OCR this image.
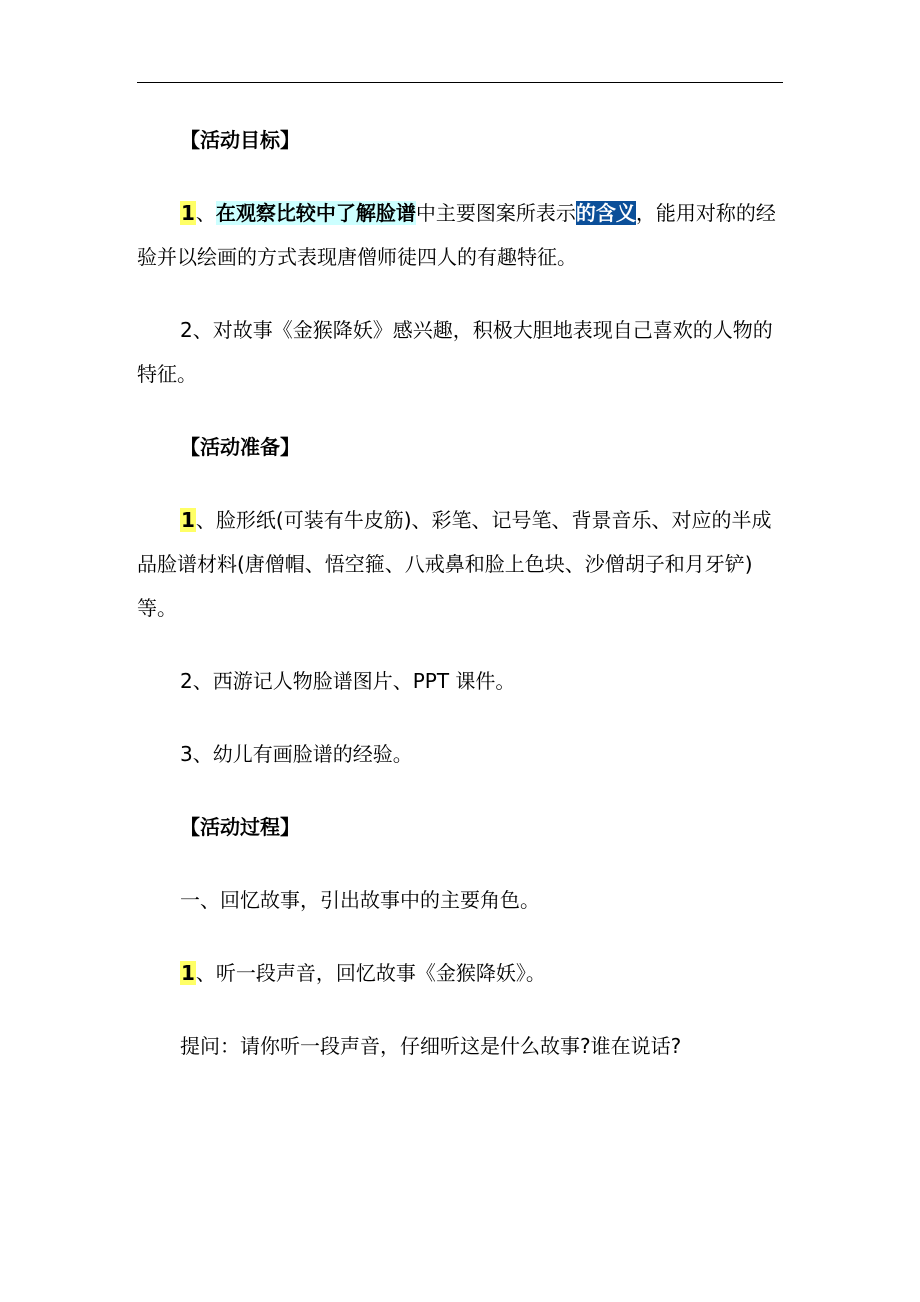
【活动目标】

1、在观察比较中了解脸谱中主要图案所表示的含义，能用对称的经验并以绘画的方式表现唐僧师徒四人的有趣特征。

2、对故事《金猴降妖》感兴趣，积极大胆地表现自己喜欢的人物的特征。

【活动准备】

1、脸形纸(可装有牛皮筋)、彩笔、记号笔、背景音乐、对应的半成品脸谱材料(唐僧帽、悟空箍、八戒鼻和脸上色块、沙僧胡子和月牙铲)等。

2、西游记人物脸谱图片、PPT 课件。

3、幼儿有画脸谱的经验。

【活动过程】

一、回忆故事，引出故事中的主要角色。

1、听一段声音，回忆故事《金猴降妖》。

提问：请你听一段声音，仔细听这是什么故事?谁在说话?
